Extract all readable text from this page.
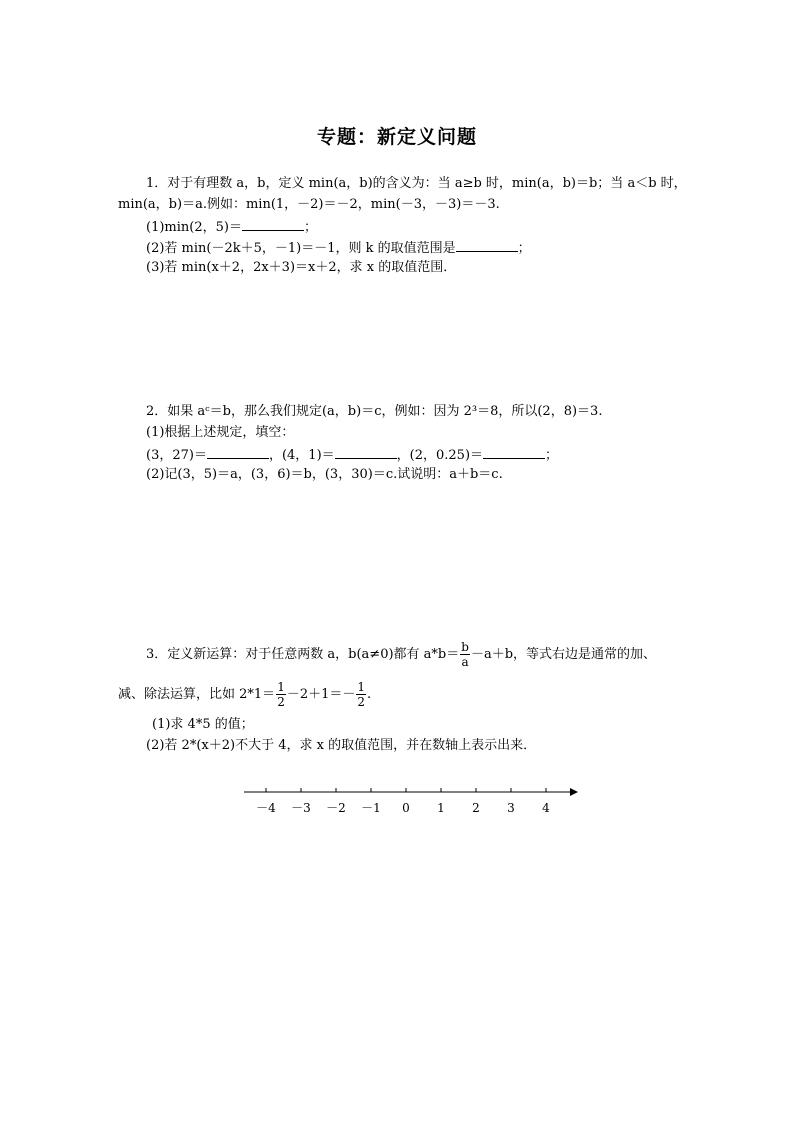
专题：新定义问题
1．对于有理数 a，b，定义 min(a，b)的含义为：当 a≥b 时，min(a，b)＝b；当 a＜b 时，
min(a，b)＝a.例如：min(1，－2)＝－2，min(－3，－3)＝－3.
(1)min(2，5)＝	；
(2)若 min(－2k＋5，－1)＝－1，则 k 的取值范围是	；
(3)若 min(x＋2，2x＋3)＝x＋2，求 x 的取值范围．
2．如果 aᶜ＝b，那么我们规定(a，b)＝c，例如：因为 2³＝8，所以(2，8)＝3.
(1)根据上述规定，填空：
(3，27)＝	，(4，1)＝	，(2，0.25)＝	；
(2)记(3，5)＝a，(3，6)＝b，(3，30)＝c.试说明：a＋b＝c.
3．定义新运算：对于任意两数 a，b(a≠0)都有 $a*b= \frac{b}{a} -a+b$，等式右边是通常的加、
减、除法运算，比如 $2*1= \frac{1}{2} -2+1=- \frac{1}{2}$ .
(1)求 4*5 的值；
(2)若 2*(x＋2)不大于 4，求 x 的取值范围，并在数轴上表示出来．
－4 －3 －2 －1 0 1 2 3 4
